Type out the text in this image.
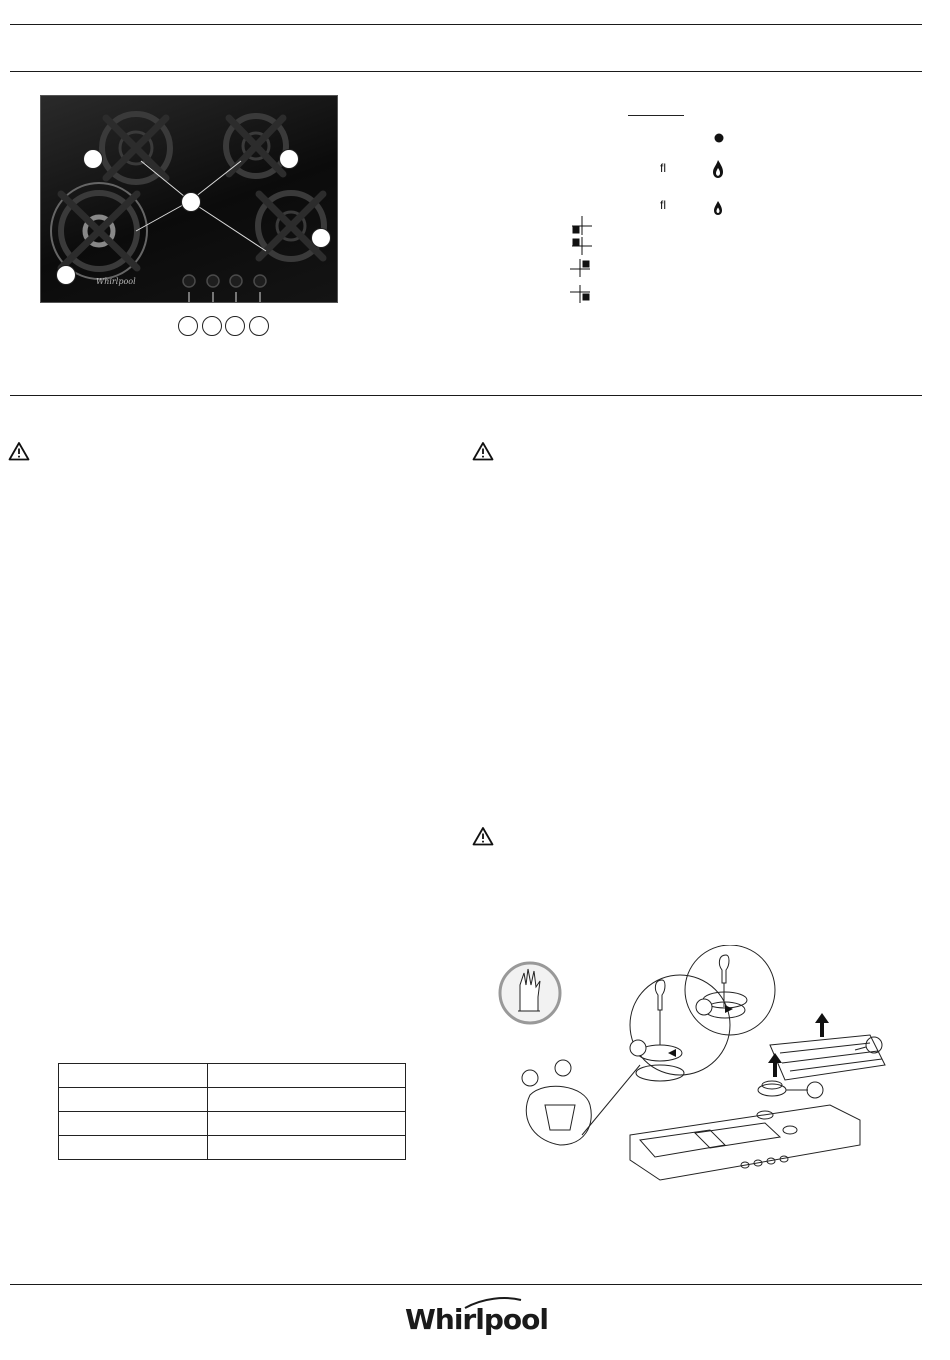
Whirlpool
fl
fl

Whirlpool
